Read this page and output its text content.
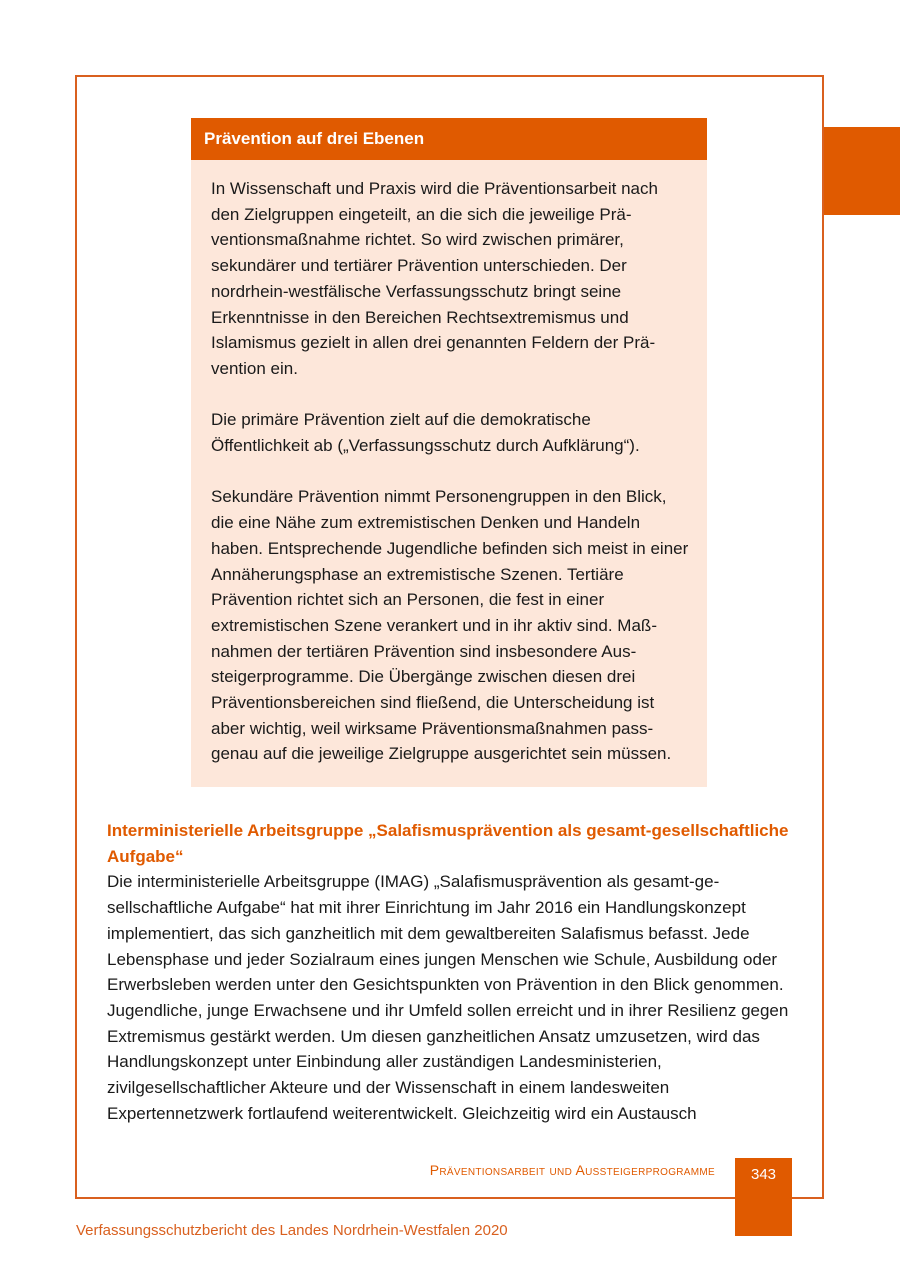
Prävention auf drei Ebenen

In Wissenschaft und Praxis wird die Präventionsarbeit nach den Zielgruppen eingeteilt, an die sich die jeweilige Präventionsmaßnahme richtet. So wird zwischen primärer, sekundärer und tertiärer Prävention unterschieden. Der nordrhein-westfälische Verfassungsschutz bringt seine Erkenntnisse in den Bereichen Rechtsextremismus und Islamismus gezielt in allen drei genannten Feldern der Prävention ein.

Die primäre Prävention zielt auf die demokratische Öffentlichkeit ab („Verfassungsschutz durch Aufklärung“).

Sekundäre Prävention nimmt Personengruppen in den Blick, die eine Nähe zum extremistischen Denken und Handeln haben. Entsprechende Jugendliche befinden sich meist in einer Annäherungsphase an extremistische Szenen. Tertiäre Prävention richtet sich an Personen, die fest in einer extremistischen Szene verankert und in ihr aktiv sind. Maßnahmen der tertiären Prävention sind insbesondere Aussteigerprogramme. Die Übergänge zwischen diesen drei Präventionsbereichen sind fließend, die Unterscheidung ist aber wichtig, weil wirksame Präventionsmaßnahmen passgenau auf die jeweilige Zielgruppe ausgerichtet sein müssen.

Interministerielle Arbeitsgruppe „Salafismusprävention als gesamt-gesellschaftliche Aufgabe“
Die interministerielle Arbeitsgruppe (IMAG) „Salafismusprävention als gesamt-gesellschaftliche Aufgabe“ hat mit ihrer Einrichtung im Jahr 2016 ein Handlungskonzept implementiert, das sich ganzheitlich mit dem gewaltbereiten Salafismus befasst. Jede Lebensphase und jeder Sozialraum eines jungen Menschen wie Schule, Ausbildung oder Erwerbsleben werden unter den Gesichtspunkten von Prävention in den Blick genommen. Jugendliche, junge Erwachsene und ihr Umfeld sollen erreicht und in ihrer Resilienz gegen Extremismus gestärkt werden. Um diesen ganzheitlichen Ansatz umzusetzen, wird das Handlungskonzept unter Einbindung aller zuständigen Landesministerien, zivilgesellschaftlicher Akteure und der Wissenschaft in einem landesweiten Expertennetzwerk fortlaufend weiterentwickelt. Gleichzeitig wird ein Austausch
Präventionsarbeit und Aussteigerprogramme	343
Verfassungsschutzbericht des Landes Nordrhein-Westfalen 2020
